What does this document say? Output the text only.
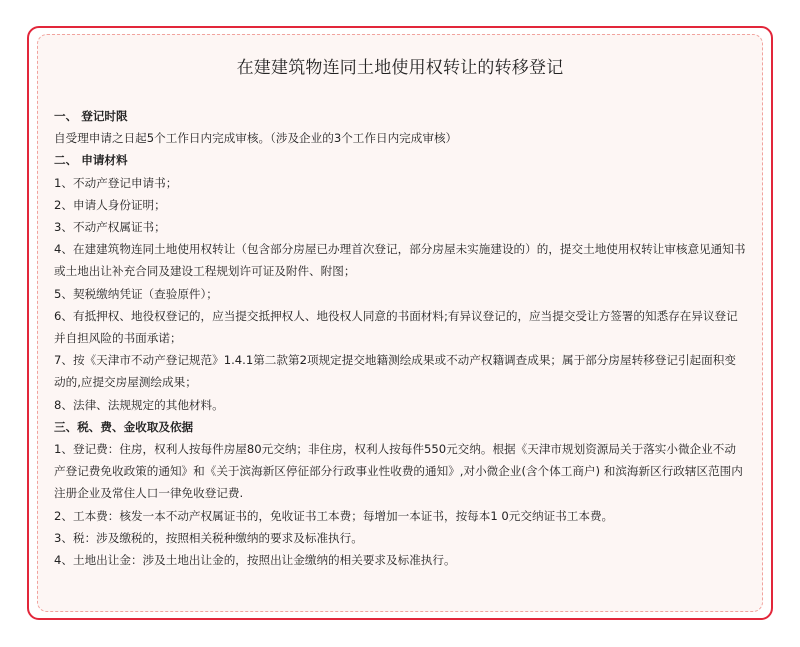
在建建筑物连同土地使用权转让的转移登记
一、 登记时限
自受理申请之日起5个工作日内完成审核。（涉及企业的3个工作日内完成审核）
二、 申请材料
1、不动产登记申请书；
2、申请人身份证明；
3、不动产权属证书；
4、在建建筑物连同土地使用权转让（包含部分房屋已办理首次登记，部分房屋未实施建设的）的，提交土地使用权转让审核意见通知书或土地出让补充合同及建设工程规划许可证及附件、附图；
5、契税缴纳凭证（查验原件）；
6、有抵押权、地役权登记的，应当提交抵押权人、地役权人同意的书面材料;有异议登记的，应当提交受让方签署的知悉存在异议登记并自担风险的书面承诺；
7、按《天津市不动产登记规范》1.4.1第二款第2项规定提交地籍测绘成果或不动产权籍调查成果；属于部分房屋转移登记引起面积变动的,应提交房屋测绘成果；
8、法律、法规规定的其他材料。
三、税、费、金收取及依据
1、登记费：住房，权利人按每件房屋80元交纳；非住房，权利人按每件550元交纳。根据《天津市规划资源局关于落实小微企业不动产登记费免收政策的通知》和《关于滨海新区停征部分行政事业性收费的通知》,对小微企业(含个体工商户) 和滨海新区行政辖区范围内注册企业及常住人口一律免收登记费.
2、工本费：核发一本不动产权属证书的，免收证书工本费；每增加一本证书，按每本1 0元交纳证书工本费。
3、税：涉及缴税的，按照相关税种缴纳的要求及标准执行。
4、土地出让金：涉及土地出让金的，按照出让金缴纳的相关要求及标准执行。
